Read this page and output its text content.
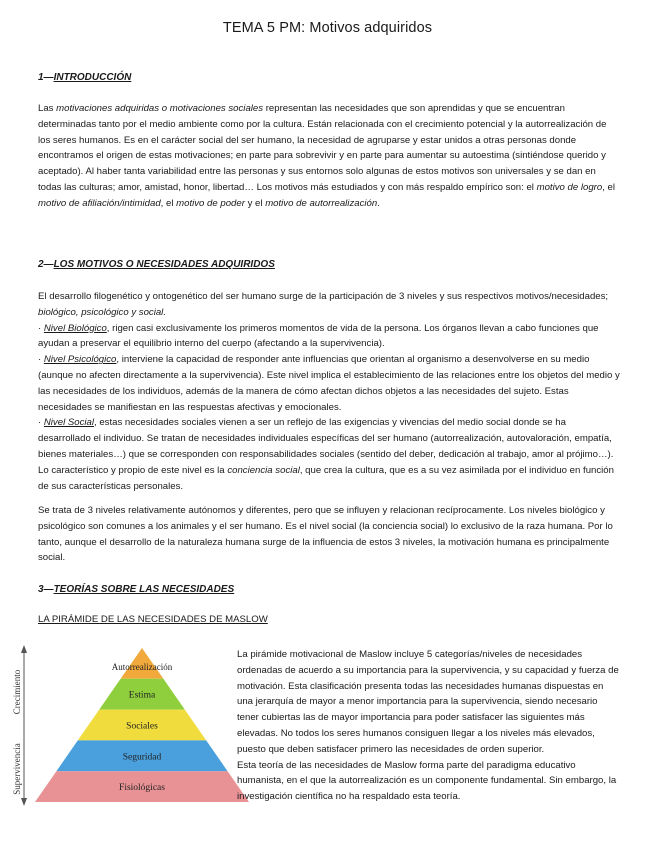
TEMA 5 PM: Motivos adquiridos
1—INTRODUCCIÓN

Las motivaciones adquiridas o motivaciones sociales representan las necesidades que son aprendidas y que se encuentran determinadas tanto por el medio ambiente como por la cultura. Están relacionada con el crecimiento potencial y la autorrealización de los seres humanos. Es en el carácter social del ser humano, la necesidad de agruparse y estar unidos a otras personas donde encontramos el origen de estas motivaciones; en parte para sobrevivir y en parte para aumentar su autoestima (sintiéndose querido y aceptado). Al haber tanta variabilidad entre las personas y sus entornos solo algunas de estos motivos son universales y se dan en todas las culturas; amor, amistad, honor, libertad… Los motivos más estudiados y con más respaldo empírico son: el motivo de logro, el motivo de afiliación/intimidad, el motivo de poder y el motivo de autorrealización.

2—LOS MOTIVOS O NECESIDADES ADQUIRIDOS

El desarrollo filogenético y ontogenético del ser humano surge de la participación de 3 niveles y sus respectivos motivos/necesidades; biológico, psicológico y social.

· Nivel Biológico, rigen casi exclusivamente los primeros momentos de vida de la persona. Los órganos llevan a cabo funciones que ayudan a preservar el equilibrio interno del cuerpo (afectando a la supervivencia).

· Nivel Psicológico, interviene la capacidad de responder ante influencias que orientan al organismo a desenvolverse en su medio (aunque no afecten directamente a la supervivencia). Este nivel implica el establecimiento de las relaciones entre los objetos del medio y las necesidades de los individuos, además de la manera de cómo afectan dichos objetos a las necesidades del sujeto. Estas necesidades se manifiestan en las respuestas afectivas y emocionales.

· Nivel Social, estas necesidades sociales vienen a ser un reflejo de las exigencias y vivencias del medio social donde se ha desarrollado el individuo. Se tratan de necesidades individuales específicas del ser humano (autorrealización, autovaloración, empatía, bienes materiales…) que se corresponden con responsabilidades sociales (sentido del deber, dedicación al trabajo, amor al prójimo…). Lo característico y propio de este nivel es la conciencia social, que crea la cultura, que es a su vez asimilada por el individuo en función de sus características personales.

Se trata de 3 niveles relativamente autónomos y diferentes, pero que se influyen y relacionan recíprocamente. Los niveles biológico y psicológico son comunes a los animales y el ser humano. Es el nivel social (la conciencia social) lo exclusivo de la raza humana. Por lo tanto, aunque el desarrollo de la naturaleza humana surge de la influencia de estos 3 niveles, la motivación humana es principalmente social.

3—TEORÍAS SOBRE LAS NECESIDADES
LA PIRÁMIDE DE LAS NECESIDADES DE MASLOW
Crecimiento
Supervivencia
Autorrealización
Estima
Sociales
Seguridad
Fisiológicas
La pirámide motivacional de Maslow incluye 5 categorías/niveles de necesidades ordenadas de acuerdo a su importancia para la supervivencia, y su capacidad y fuerza de motivación. Esta clasificación presenta todas las necesidades humanas dispuestas en una jerarquía de mayor a menor importancia para la supervivencia, siendo necesario tener cubiertas las de mayor importancia para poder satisfacer las siguientes más elevadas. No todos los seres humanos consiguen llegar a los niveles más elevados, puesto que deben satisfacer primero las necesidades de orden superior.
Esta teoría de las necesidades de Maslow forma parte del paradigma educativo humanista, en el que la autorrealización es un componente fundamental. Sin embargo, la investigación científica no ha respaldado esta teoría.
